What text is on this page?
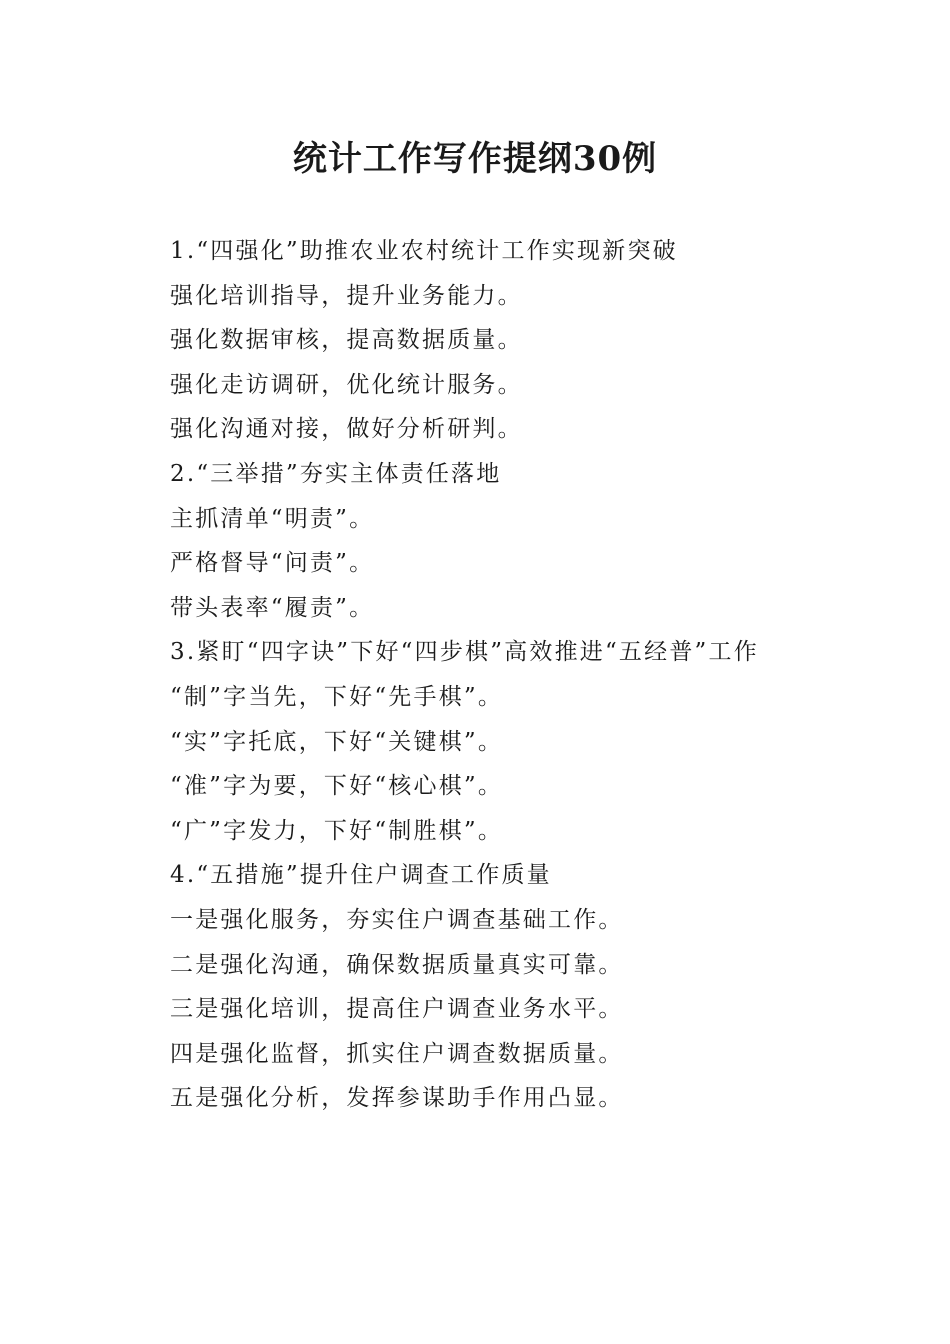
统计工作写作提纲30例

1.“四强化”助推农业农村统计工作实现新突破

强化培训指导，提升业务能力。

强化数据审核，提高数据质量。

强化走访调研，优化统计服务。

强化沟通对接，做好分析研判。

2.“三举措”夯实主体责任落地

主抓清单“明责”。

严格督导“问责”。

带头表率“履责”。

3.紧盯“四字诀”下好“四步棋”高效推进“五经普”工作

“制”字当先，下好“先手棋”。

“实”字托底，下好“关键棋”。

“准”字为要，下好“核心棋”。

“广”字发力，下好“制胜棋”。

4.“五措施”提升住户调查工作质量

一是强化服务，夯实住户调查基础工作。

二是强化沟通，确保数据质量真实可靠。

三是强化培训，提高住户调查业务水平。

四是强化监督，抓实住户调查数据质量。

五是强化分析，发挥参谋助手作用凸显。
